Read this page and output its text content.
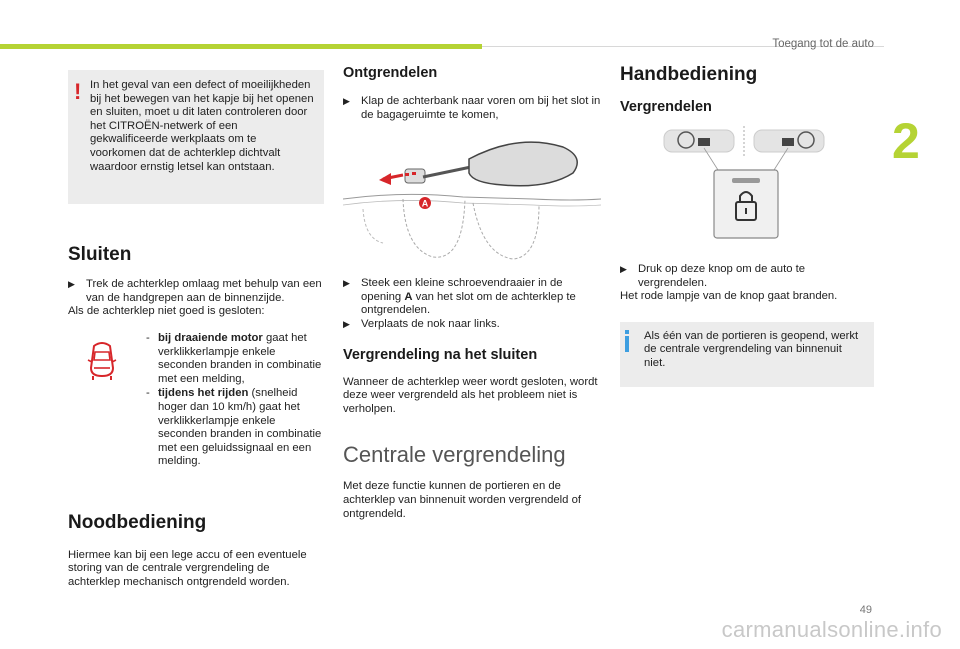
Toegang tot de auto
2
49
carmanualsonline.info
! In het geval van een defect of moeilijkheden bij het bewegen van het kapje bij het openen en sluiten, moet u dit laten controleren door het CITROËN-netwerk of een gekwalificeerde werkplaats om te voorkomen dat de achterklep dichtvalt waardoor ernstig letsel kan ontstaan.

Sluiten
▶ Trek de achterklep omlaag met behulp van een van de handgrepen aan de binnenzijde.

Als de achterklep niet goed is gesloten:

- bij draaiende motor gaat het verklikkerlampje enkele seconden branden in combinatie met een melding,
- tijdens het rijden (snelheid hoger dan 10 km/h) gaat het verklikkerlampje enkele seconden branden in combinatie met een geluidssignaal en een melding.
Noodbediening

Hiermee kan bij een lege accu of een eventuele storing van de centrale vergrendeling de achterklep mechanisch ontgrendeld worden.

Ontgrendelen
▶ Klap de achterbank naar voren om bij het slot in de bagageruimte te komen,
A
▶ Steek een kleine schroevendraaier in de opening A van het slot om de achterklep te ontgrendelen.
▶ Verplaats de nok naar links.
Vergrendeling na het sluiten

Wanneer de achterklep weer wordt gesloten, wordt deze weer vergrendeld als het probleem niet is verholpen.

Centrale vergrendeling

Met deze functie kunnen de portieren en de achterklep van binnenuit worden vergrendeld of ontgrendeld.

Handbediening
Vergrendelen
▶ Druk op deze knop om de auto te vergrendelen.

Het rode lampje van de knop gaat branden.

Als één van de portieren is geopend, werkt de centrale vergrendeling van binnenuit niet.
